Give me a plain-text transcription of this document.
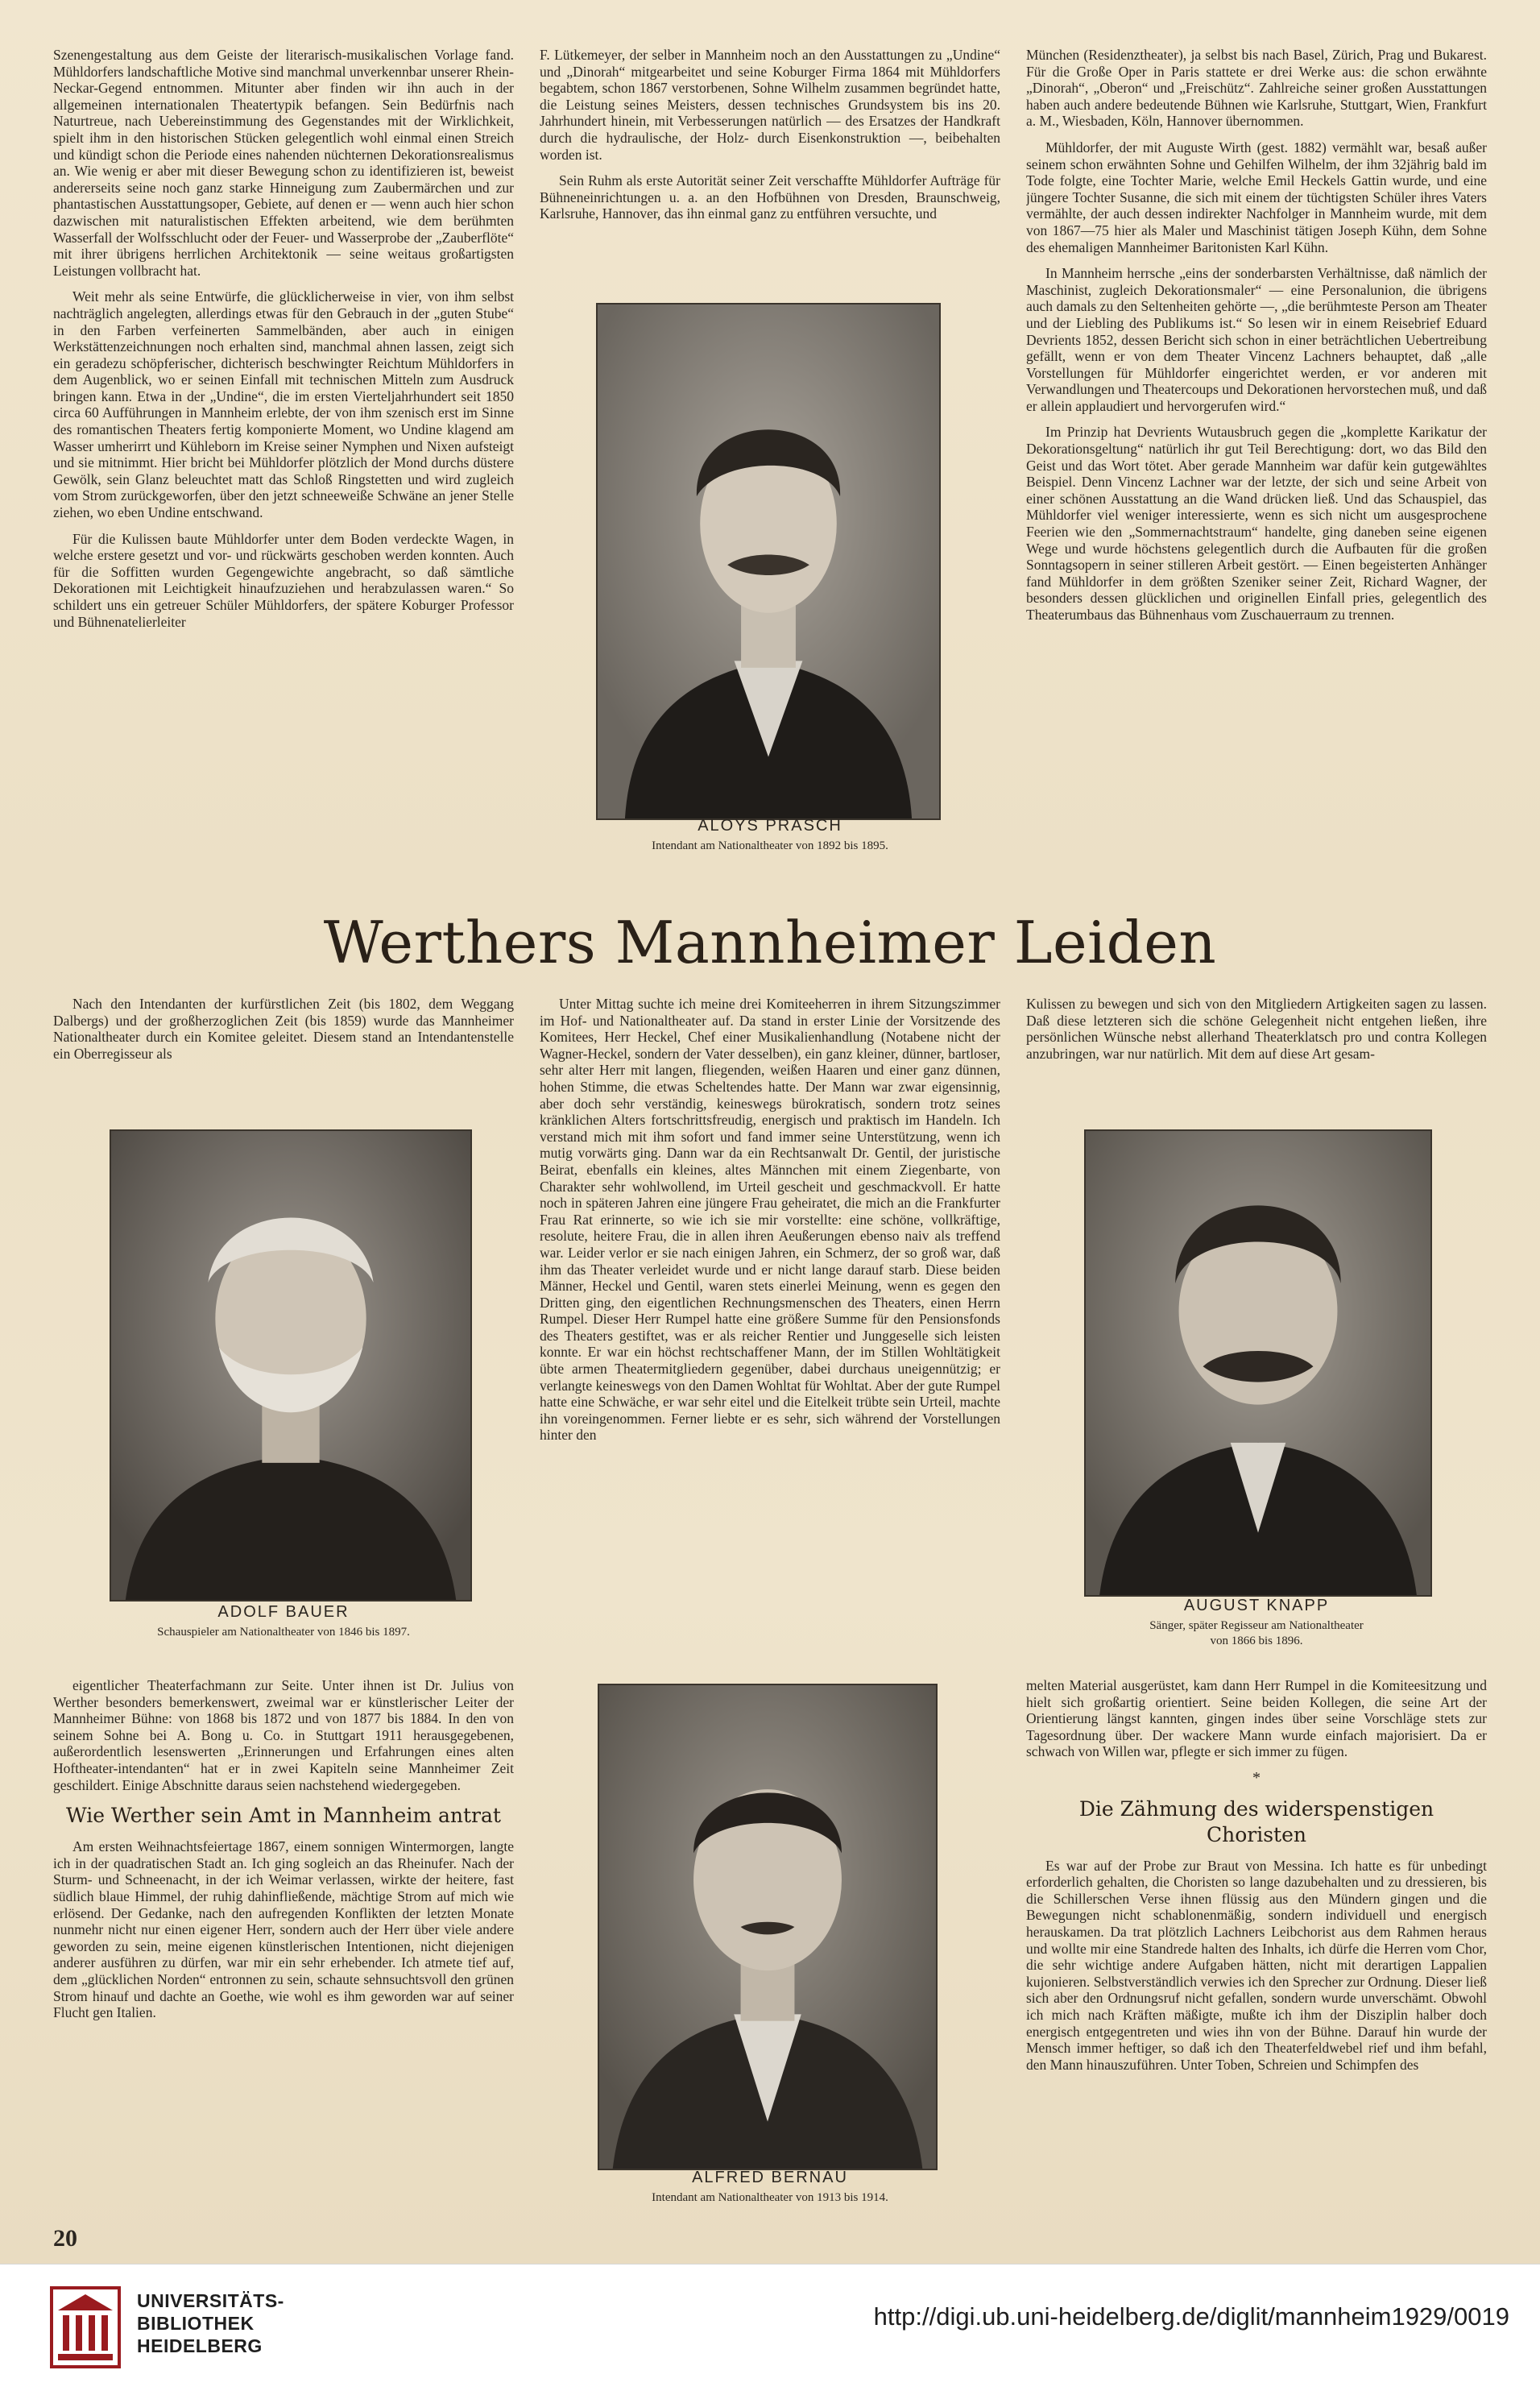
Szenengestaltung aus dem Geiste der literarisch-musikalischen Vorlage fand. Mühldorfers landschaftliche Motive sind manchmal unverkennbar unserer Rhein-Neckar-Gegend entnommen. Mitunter aber finden wir ihn auch in der allgemeinen internationalen Theatertypik befangen. Sein Bedürfnis nach Naturtreue, nach Uebereinstimmung des Gegenstandes mit der Wirklichkeit, spielt ihm in den historischen Stücken gelegentlich wohl einmal einen Streich und kündigt schon die Periode eines nahenden nüchternen Dekorationsrealismus an. Wie wenig er aber mit dieser Bewegung schon zu identifizieren ist, beweist andererseits seine noch ganz starke Hinneigung zum Zaubermärchen und zur phantastischen Ausstattungsoper, Gebiete, auf denen er — wenn auch hier schon dazwischen mit naturalistischen Effekten arbeitend, wie dem berühmten Wasserfall der Wolfsschlucht oder der Feuer- und Wasserprobe der „Zauberflöte“ mit ihrer übrigens herrlichen Architektonik — seine weitaus großartigsten Leistungen vollbracht hat.

Weit mehr als seine Entwürfe, die glücklicherweise in vier, von ihm selbst nachträglich angelegten, allerdings etwas für den Gebrauch in der „guten Stube“ in den Farben verfeinerten Sammelbänden, aber auch in einigen Werkstättenzeichnungen noch erhalten sind, manchmal ahnen lassen, zeigt sich ein geradezu schöpferischer, dichterisch beschwingter Reichtum Mühldorfers in dem Augenblick, wo er seinen Einfall mit technischen Mitteln zum Ausdruck bringen kann. Etwa in der „Undine“, die im ersten Vierteljahrhundert seit 1850 circa 60 Aufführungen in Mannheim erlebte, der von ihm szenisch erst im Sinne des romantischen Theaters fertig komponierte Moment, wo Undine klagend am Wasser umherirrt und Kühleborn im Kreise seiner Nymphen und Nixen aufsteigt und sie mitnimmt. Hier bricht bei Mühldorfer plötzlich der Mond durchs düstere Gewölk, sein Glanz beleuchtet matt das Schloß Ringstetten und wird zugleich vom Strom zurückgeworfen, über den jetzt schneeweiße Schwäne an jener Stelle ziehen, wo eben Undine entschwand.

Für die Kulissen baute Mühldorfer unter dem Boden verdeckte Wagen, in welche erstere gesetzt und vor- und rückwärts geschoben werden konnten. Auch für die Soffitten wurden Gegengewichte angebracht, so daß sämtliche Dekorationen mit Leichtigkeit hinaufzuziehen und herabzulassen waren.“ So schildert uns ein getreuer Schüler Mühldorfers, der spätere Koburger Professor und Bühnenatelierleiter

F. Lütkemeyer, der selber in Mannheim noch an den Ausstattungen zu „Undine“ und „Dinorah“ mitgearbeitet und seine Koburger Firma 1864 mit Mühldorfers begabtem, schon 1867 verstorbenen, Sohne Wilhelm zusammen begründet hatte, die Leistung seines Meisters, dessen technisches Grundsystem bis ins 20. Jahrhundert hinein, mit Verbesserungen natürlich — des Ersatzes der Handkraft durch die hydraulische, der Holz- durch Eisenkonstruktion —, beibehalten worden ist.

Sein Ruhm als erste Autorität seiner Zeit verschaffte Mühldorfer Aufträge für Bühneneinrichtungen u. a. an den Hofbühnen von Dresden, Braunschweig, Karlsruhe, Hannover, das ihn einmal ganz zu entführen versuchte, und

ALOYS PRASCH
Intendant am Nationaltheater von 1892 bis 1895.

München (Residenztheater), ja selbst bis nach Basel, Zürich, Prag und Bukarest. Für die Große Oper in Paris stattete er drei Werke aus: die schon erwähnte „Dinorah“, „Oberon“ und „Freischütz“. Zahlreiche seiner großen Ausstattungen haben auch andere bedeutende Bühnen wie Karlsruhe, Stuttgart, Wien, Frankfurt a. M., Wiesbaden, Köln, Hannover übernommen.

Mühldorfer, der mit Auguste Wirth (gest. 1882) vermählt war, besaß außer seinem schon erwähnten Sohne und Gehilfen Wilhelm, der ihm 32jährig bald im Tode folgte, eine Tochter Marie, welche Emil Heckels Gattin wurde, und eine jüngere Tochter Susanne, die sich mit einem der tüchtigsten Schüler ihres Vaters vermählte, der auch dessen indirekter Nachfolger in Mannheim wurde, mit dem von 1867—75 hier als Maler und Maschinist tätigen Joseph Kühn, dem Sohne des ehemaligen Mannheimer Baritonisten Karl Kühn.

In Mannheim herrsche „eins der sonderbarsten Verhältnisse, daß nämlich der Maschinist, zugleich Dekorationsmaler“ — eine Personalunion, die übrigens auch damals zu den Seltenheiten gehörte —, „die berühmteste Person am Theater und der Liebling des Publikums ist.“ So lesen wir in einem Reisebrief Eduard Devrients 1852, dessen Bericht sich schon in einer beträchtlichen Uebertreibung gefällt, wenn er von dem Theater Vincenz Lachners behauptet, daß „alle Vorstellungen für Mühldorfer eingerichtet werden, er vor anderen mit Verwandlungen und Theatercoups und Dekorationen hervorstechen muß, und daß er allein applaudiert und hervorgerufen wird.“

Im Prinzip hat Devrients Wutausbruch gegen die „komplette Karikatur der Dekorationsgeltung“ natürlich ihr gut Teil Berechtigung: dort, wo das Bild den Geist und das Wort tötet. Aber gerade Mannheim war dafür kein gutgewähltes Beispiel. Denn Vincenz Lachner war der letzte, der sich und seine Arbeit von einer schönen Ausstattung an die Wand drücken ließ. Und das Schauspiel, das Mühldorfer viel weniger interessierte, wenn es sich nicht um ausgesprochene Feerien wie den „Sommernachtstraum“ handelte, ging daneben seine eigenen Wege und wurde höchstens gelegentlich durch die Aufbauten für die großen Sonntagsopern in seiner stilleren Arbeit gestört. — Einen begeisterten Anhänger fand Mühldorfer in dem größten Szeniker seiner Zeit, Richard Wagner, der besonders dessen glücklichen und originellen Einfall pries, gelegentlich des Theaterumbaus das Bühnenhaus vom Zuschauerraum zu trennen.

Werthers Mannheimer Leiden

Nach den Intendanten der kurfürstlichen Zeit (bis 1802, dem Weggang Dalbergs) und der großherzoglichen Zeit (bis 1859) wurde das Mannheimer Nationaltheater durch ein Komitee geleitet. Diesem stand an Intendantenstelle ein Oberregisseur als

ADOLF BAUER
Schauspieler am Nationaltheater von 1846 bis 1897.

eigentlicher Theaterfachmann zur Seite. Unter ihnen ist Dr. Julius von Werther besonders bemerkenswert, zweimal war er künstlerischer Leiter der Mannheimer Bühne: von 1868 bis 1872 und von 1877 bis 1884. In den von seinem Sohne bei A. Bong u. Co. in Stuttgart 1911 herausgegebenen, außerordentlich lesenswerten „Erinnerungen und Erfahrungen eines alten Hoftheater-intendanten“ hat er in zwei Kapiteln seine Mannheimer Zeit geschildert. Einige Abschnitte daraus seien nachstehend wiedergegeben.

Wie Werther sein Amt in Mannheim antrat

Am ersten Weihnachtsfeiertage 1867, einem sonnigen Wintermorgen, langte ich in der quadratischen Stadt an. Ich ging sogleich an das Rheinufer. Nach der Sturm- und Schneenacht, in der ich Weimar verlassen, wirkte der heitere, fast südlich blaue Himmel, der ruhig dahinfließende, mächtige Strom auf mich wie erlösend. Der Gedanke, nach den aufregenden Konflikten der letzten Monate nunmehr nicht nur einen eigener Herr, sondern auch der Herr über viele andere geworden zu sein, meine eigenen künstlerischen Intentionen, nicht diejenigen anderer ausführen zu dürfen, war mir ein sehr erhebender. Ich atmete tief auf, dem „glücklichen Norden“ entronnen zu sein, schaute sehnsuchtsvoll den grünen Strom hinauf und dachte an Goethe, wie wohl es ihm geworden war auf seiner Flucht gen Italien.

Unter Mittag suchte ich meine drei Komiteeherren in ihrem Sitzungszimmer im Hof- und Nationaltheater auf. Da stand in erster Linie der Vorsitzende des Komitees, Herr Heckel, Chef einer Musikalienhandlung (Notabene nicht der Wagner-Heckel, sondern der Vater desselben), ein ganz kleiner, dünner, bartloser, sehr alter Herr mit langen, fliegenden, weißen Haaren und einer ganz dünnen, hohen Stimme, die etwas Scheltendes hatte. Der Mann war zwar eigensinnig, aber doch sehr verständig, keineswegs bürokratisch, sondern trotz seines kränklichen Alters fortschrittsfreudig, energisch und praktisch im Handeln. Ich verstand mich mit ihm sofort und fand immer seine Unterstützung, wenn ich mutig vorwärts ging. Dann war da ein Rechtsanwalt Dr. Gentil, der juristische Beirat, ebenfalls ein kleines, altes Männchen mit einem Ziegenbarte, von Charakter sehr wohlwollend, im Urteil gescheit und geschmackvoll. Er hatte noch in späteren Jahren eine jüngere Frau geheiratet, die mich an die Frankfurter Frau Rat erinnerte, so wie ich sie mir vorstellte: eine schöne, vollkräftige, resolute, heitere Frau, die in allen ihren Aeußerungen ebenso naiv als treffend war. Leider verlor er sie nach einigen Jahren, ein Schmerz, der so groß war, daß ihm das Theater verleidet wurde und er nicht lange darauf starb. Diese beiden Männer, Heckel und Gentil, waren stets einerlei Meinung, wenn es gegen den Dritten ging, den eigentlichen Rechnungsmenschen des Theaters, einen Herrn Rumpel. Dieser Herr Rumpel hatte eine größere Summe für den Pensionsfonds des Theaters gestiftet, was er als reicher Rentier und Junggeselle sich leisten konnte. Er war ein höchst rechtschaffener Mann, der im Stillen Wohltätigkeit übte armen Theatermitgliedern gegenüber, dabei durchaus uneigennützig; er verlangte keineswegs von den Damen Wohltat für Wohltat. Aber der gute Rumpel hatte eine Schwäche, er war sehr eitel und die Eitelkeit trübte sein Urteil, machte ihn voreingenommen. Ferner liebte er es sehr, sich während der Vorstellungen hinter den

ALFRED BERNAU
Intendant am Nationaltheater von 1913 bis 1914.

Kulissen zu bewegen und sich von den Mitgliedern Artigkeiten sagen zu lassen. Daß diese letzteren sich die schöne Gelegenheit nicht entgehen ließen, ihre persönlichen Wünsche nebst allerhand Theaterklatsch pro und contra Kollegen anzubringen, war nur natürlich. Mit dem auf diese Art gesam-

AUGUST KNAPP
Sänger, später Regisseur am Nationaltheater
von 1866 bis 1896.

melten Material ausgerüstet, kam dann Herr Rumpel in die Komiteesitzung und hielt sich großartig orientiert. Seine beiden Kollegen, die seine Art der Orientierung längst kannten, gingen indes über seine Vorschläge stets zur Tagesordnung über. Der wackere Mann wurde einfach majorisiert. Da er schwach von Willen war, pflegte er sich immer zu fügen.

*
Die Zähmung des widerspenstigen Choristen

Es war auf der Probe zur Braut von Messina. Ich hatte es für unbedingt erforderlich gehalten, die Choristen so lange dazubehalten und zu dressieren, bis die Schillerschen Verse ihnen flüssig aus den Mündern gingen und die Bewegungen nicht schablonenmäßig, sondern individuell und energisch herauskamen. Da trat plötzlich Lachners Leibchorist aus dem Rahmen heraus und wollte mir eine Standrede halten des Inhalts, ich dürfe die Herren vom Chor, die sehr wichtige andere Aufgaben hätten, nicht mit derartigen Lappalien kujonieren. Selbstverständlich verwies ich den Sprecher zur Ordnung. Dieser ließ sich aber den Ordnungsruf nicht gefallen, sondern wurde unverschämt. Obwohl ich mich nach Kräften mäßigte, mußte ich ihm der Disziplin halber doch energisch entgegentreten und wies ihn von der Bühne. Darauf hin wurde der Mensch immer heftiger, so daß ich den Theaterfeldwebel rief und ihm befahl, den Mann hinauszuführen. Unter Toben, Schreien und Schimpfen des

20
UNIVERSITÄTS-
BIBLIOTHEK
HEIDELBERG
http://digi.ub.uni-heidelberg.de/diglit/mannheim1929/0019
